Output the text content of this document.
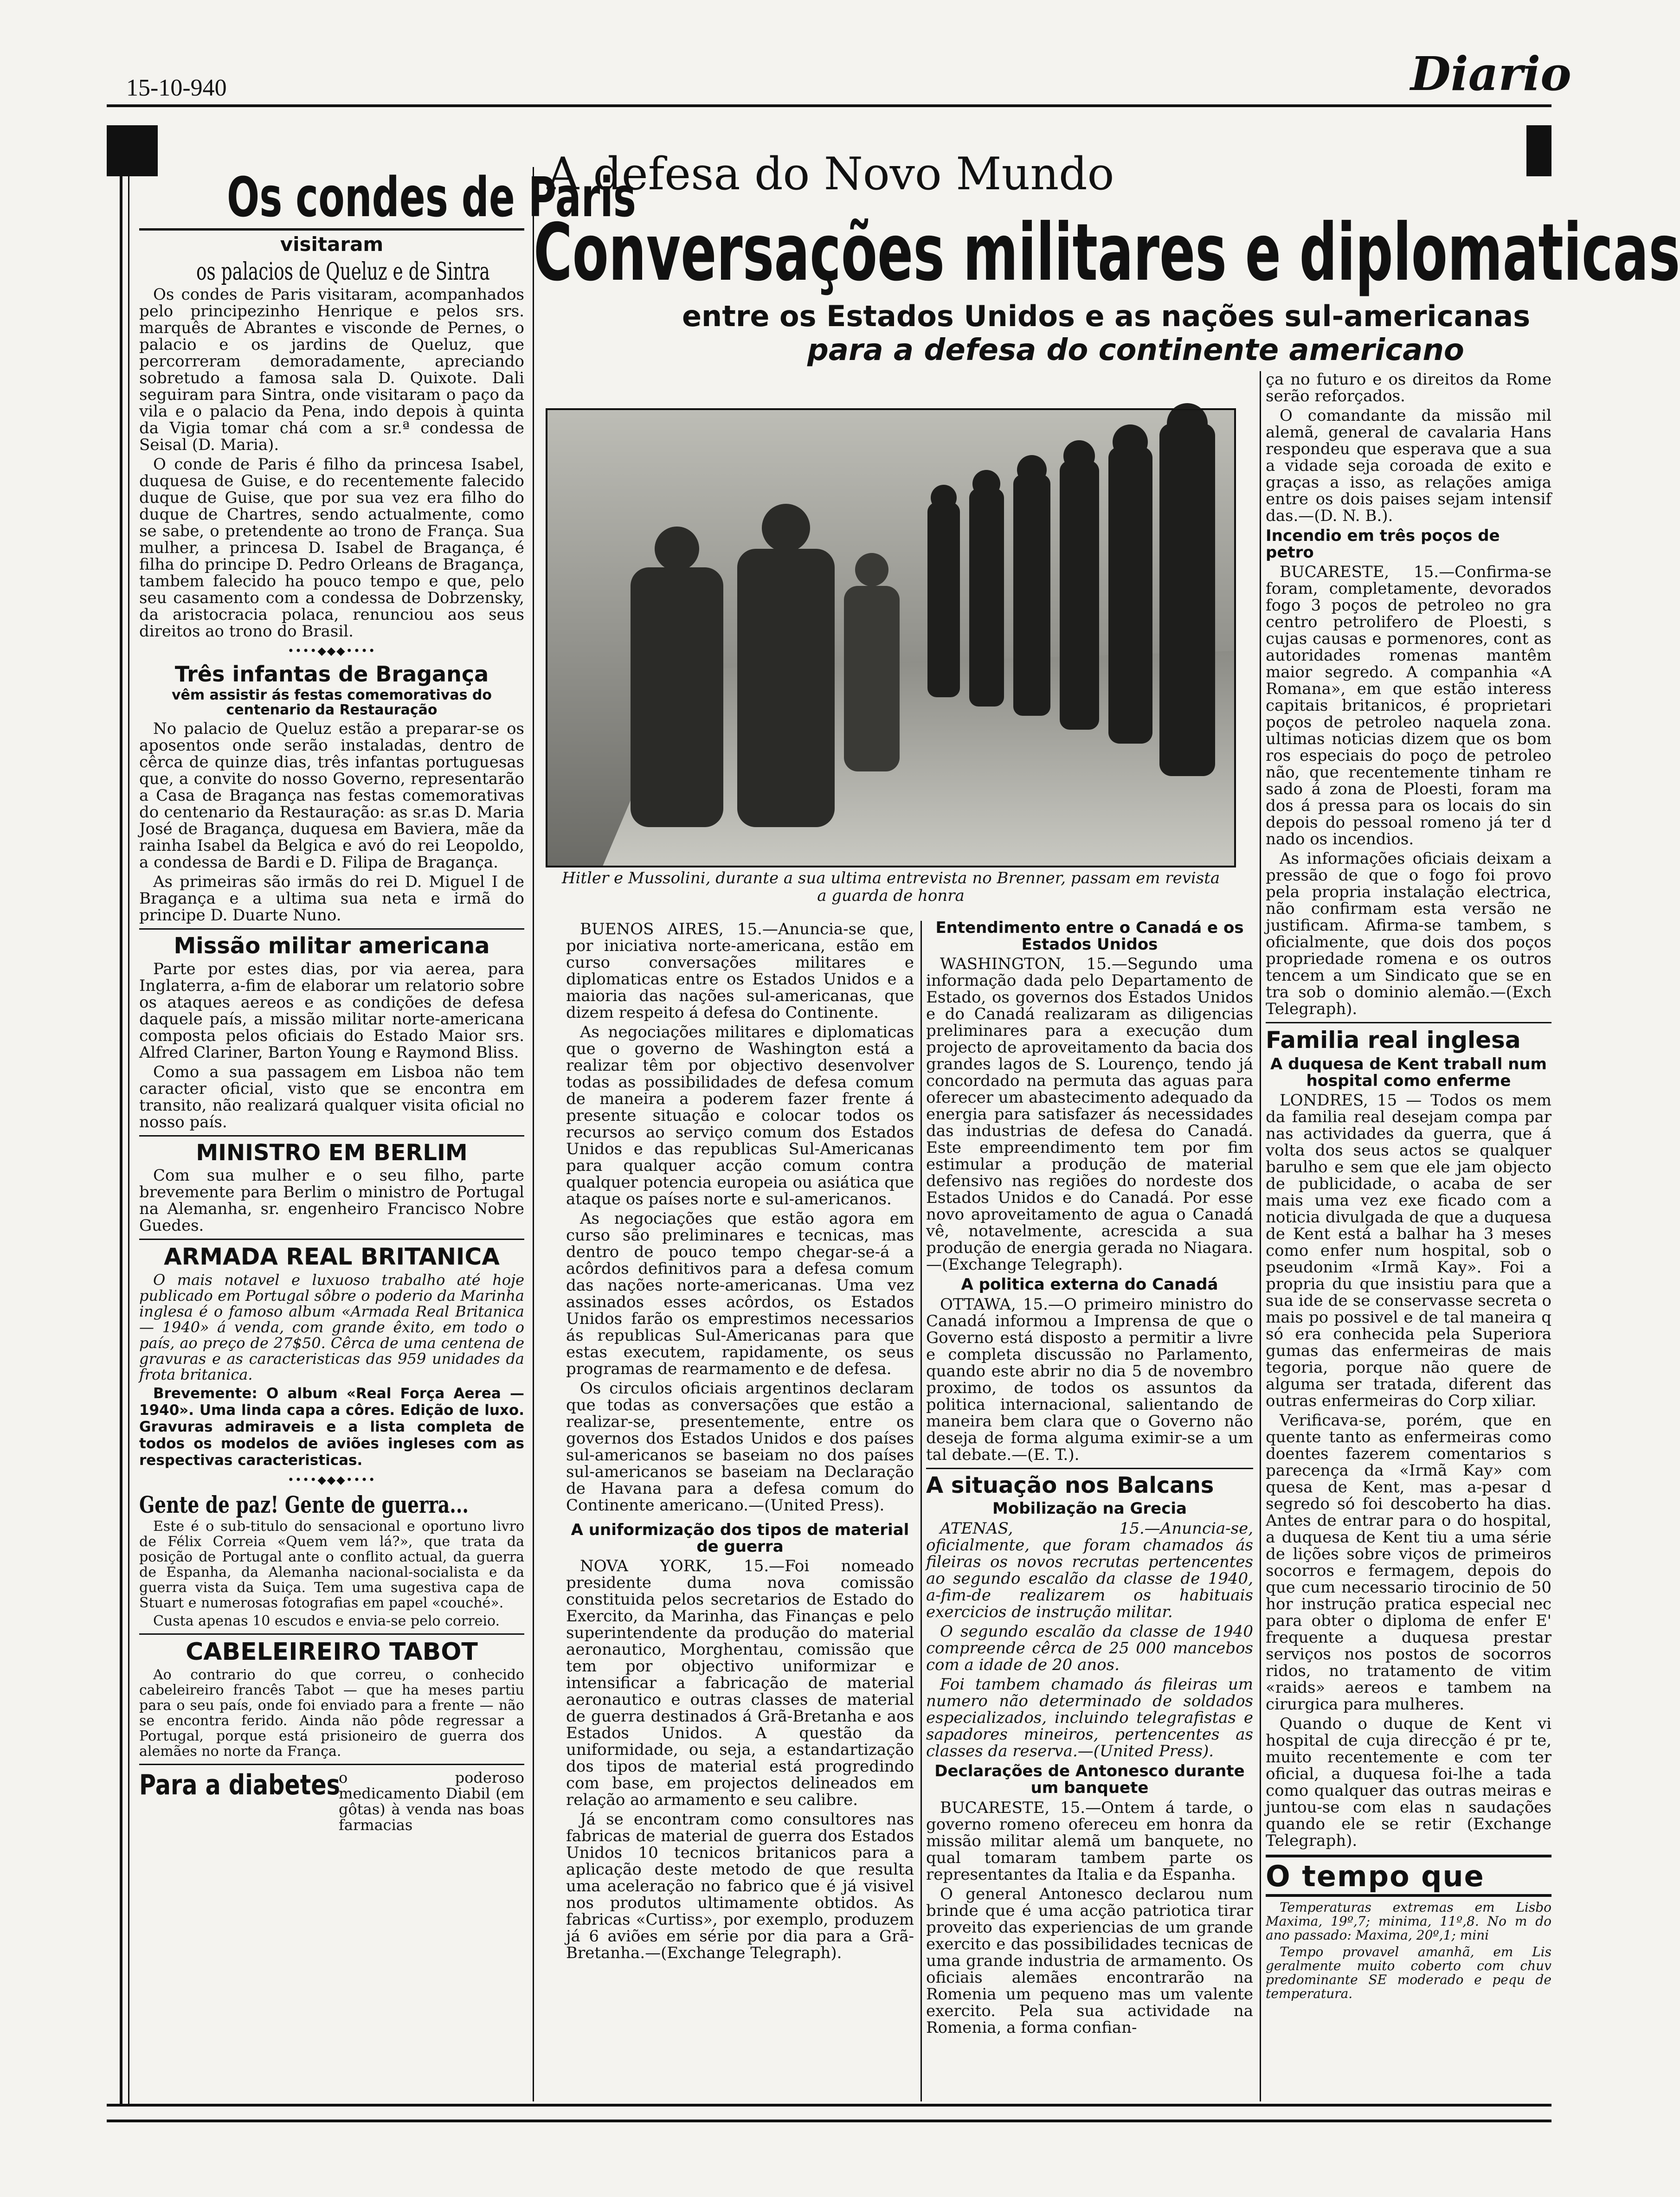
15-10-940	Diario
Os condes de Paris
visitaram
os palacios de Queluz e de Sintra

Os condes de Paris visitaram, acompanhados pelo principezinho Henrique e pelos srs. marquês de Abrantes e visconde de Pernes, o palacio e os jardins de Queluz, que percorreram demoradamente, apreciando sobretudo a famosa sala D. Quixote. Dali seguiram para Sintra, onde visitaram o paço da vila e o palacio da Pena, indo depois à quinta da Vigia tomar chá com a sr.ª condessa de Seisal (D. Maria).

O conde de Paris é filho da princesa Isabel, duquesa de Guise, e do recentemente falecido duque de Guise, que por sua vez era filho do duque de Chartres, sendo actualmente, como se sabe, o pretendente ao trono de França. Sua mulher, a princesa D. Isabel de Bragança, é filha do principe D. Pedro Orleans de Bragança, tambem falecido ha pouco tempo e que, pelo seu casamento com a condessa de Dobrzensky, da aristocracia polaca, renunciou aos seus direitos ao trono do Brasil.

••••◆◆◆••••
Três infantas de Bragança
vêm assistir ás festas comemorativas do centenario da Restauração

No palacio de Queluz estão a preparar-se os aposentos onde serão instaladas, dentro de cêrca de quinze dias, três infantas portuguesas que, a convite do nosso Governo, representarão a Casa de Bragança nas festas comemorativas do centenario da Restauração: as sr.as D. Maria José de Bragança, duquesa em Baviera, mãe da rainha Isabel da Belgica e avó do rei Leopoldo, a condessa de Bardi e D. Filipa de Bragança.

As primeiras são irmãs do rei D. Miguel I de Bragança e a ultima sua neta e irmã do principe D. Duarte Nuno.

Missão militar americana

Parte por estes dias, por via aerea, para Inglaterra, a-fim de elaborar um relatorio sobre os ataques aereos e as condições de defesa daquele país, a missão militar norte-americana composta pelos oficiais do Estado Maior srs. Alfred Clariner, Barton Young e Raymond Bliss.

Como a sua passagem em Lisboa não tem caracter oficial, visto que se encontra em transito, não realizará qualquer visita oficial no nosso país.

MINISTRO EM BERLIM

Com sua mulher e o seu filho, parte brevemente para Berlim o ministro de Portugal na Alemanha, sr. engenheiro Francisco Nobre Guedes.

ARMADA REAL BRITANICA

O mais notavel e luxuoso trabalho até hoje publicado em Portugal sôbre o poderio da Marinha inglesa é o famoso album «Armada Real Britanica — 1940» á venda, com grande êxito, em todo o país, ao preço de 27$50. Cêrca de uma centena de gravuras e as caracteristicas das 959 unidades da frota britanica.

Brevemente: O album «Real Força Aerea — 1940». Uma linda capa a côres. Edição de luxo. Gravuras admiraveis e a lista completa de todos os modelos de aviões ingleses com as respectivas caracteristicas.

••••◆◆◆••••
Gente de paz! Gente de guerra...

Este é o sub-titulo do sensacional e oportuno livro de Félix Correia «Quem vem lá?», que trata da posição de Portugal ante o conflito actual, da guerra de Espanha, da Alemanha nacional-socialista e da guerra vista da Suiça. Tem uma sugestiva capa de Stuart e numerosas fotografias em papel «couché».

Custa apenas 10 escudos e envia-se pelo correio.

CABELEIREIRO TABOT

Ao contrario do que correu, o conhecido cabeleireiro francês Tabot — que ha meses partiu para o seu país, onde foi enviado para a frente — não se encontra ferido. Ainda não pôde regressar a Portugal, porque está prisioneiro de guerra dos alemães no norte da França.

Para a diabetes
o poderoso medicamento Diabil (em gôtas) à venda nas boas farmacias
A defesa do Novo Mundo
Conversações militares e diplomaticas
entre os Estados Unidos e as nações sul-americanas
para a defesa do continente americano
Hitler e Mussolini, durante a sua ultima entrevista no Brenner, passam em revista a guarda de honra

BUENOS AIRES, 15.—Anuncia-se que, por iniciativa norte-americana, estão em curso conversações militares e diplomaticas entre os Estados Unidos e a maioria das nações sul-americanas, que dizem respeito á defesa do Continente.

As negociações militares e diplomaticas que o governo de Washington está a realizar têm por objectivo desenvolver todas as possibilidades de defesa comum de maneira a poderem fazer frente á presente situação e colocar todos os recursos ao serviço comum dos Estados Unidos e das republicas Sul-Americanas para qualquer acção comum contra qualquer potencia europeia ou asiática que ataque os países norte e sul-americanos.

As negociações que estão agora em curso são preliminares e tecnicas, mas dentro de pouco tempo chegar-se-á a acôrdos definitivos para a defesa comum das nações norte-americanas. Uma vez assinados esses acôrdos, os Estados Unidos farão os emprestimos necessarios ás republicas Sul-Americanas para que estas executem, rapidamente, os seus programas de rearmamento e de defesa.

Os circulos oficiais argentinos declaram que todas as conversações que estão a realizar-se, presentemente, entre os governos dos Estados Unidos e dos países sul-americanos se baseiam no dos países sul-americanos se baseiam na Declaração de Havana para a defesa comum do Continente americano.—(United Press).

A uniformização dos tipos de material de guerra

NOVA YORK, 15.—Foi nomeado presidente duma nova comissão constituida pelos secretarios de Estado do Exercito, da Marinha, das Finanças e pelo superintendente da produção do material aeronautico, Morghentau, comissão que tem por objectivo uniformizar e intensificar a fabricação de material aeronautico e outras classes de material de guerra destinados á Grã-Bretanha e aos Estados Unidos. A questão da uniformidade, ou seja, a estandartização dos tipos de material está progredindo com base, em projectos delineados em relação ao armamento e seu calibre.

Já se encontram como consultores nas fabricas de material de guerra dos Estados Unidos 10 tecnicos britanicos para a aplicação deste metodo de que resulta uma aceleração no fabrico que é já visivel nos produtos ultimamente obtidos. As fabricas «Curtiss», por exemplo, produzem já 6 aviões em série por dia para a Grã-Bretanha.—(Exchange Telegraph).

Entendimento entre o Canadá e os Estados Unidos

WASHINGTON, 15.—Segundo uma informação dada pelo Departamento de Estado, os governos dos Estados Unidos e do Canadá realizaram as diligencias preliminares para a execução dum projecto de aproveitamento da bacia dos grandes lagos de S. Lourenço, tendo já concordado na permuta das aguas para oferecer um abastecimento adequado da energia para satisfazer ás necessidades das industrias de defesa do Canadá. Este empreendimento tem por fim estimular a produção de material defensivo nas regiões do nordeste dos Estados Unidos e do Canadá. Por esse novo aproveitamento de agua o Canadá vê, notavelmente, acrescida a sua produção de energia gerada no Niagara.—(Exchange Telegraph).

A politica externa do Canadá

OTTAWA, 15.—O primeiro ministro do Canadá informou a Imprensa de que o Governo está disposto a permitir a livre e completa discussão no Parlamento, quando este abrir no dia 5 de novembro proximo, de todos os assuntos da politica internacional, salientando de maneira bem clara que o Governo não deseja de forma alguma eximir-se a um tal debate.—(E. T.).

A situação nos Balcans
Mobilização na Grecia

ATENAS, 15.—Anuncia-se, oficialmente, que foram chamados ás fileiras os novos recrutas pertencentes ao segundo escalão da classe de 1940, a-fim-de realizarem os habituais exercicios de instrução militar.

O segundo escalão da classe de 1940 compreende cêrca de 25 000 mancebos com a idade de 20 anos.

Foi tambem chamado ás fileiras um numero não determinado de soldados especializados, incluindo telegrafistas e sapadores mineiros, pertencentes as classes da reserva.—(United Press).

Declarações de Antonesco durante um banquete

BUCARESTE, 15.—Ontem á tarde, o governo romeno ofereceu em honra da missão militar alemã um banquete, no qual tomaram tambem parte os representantes da Italia e da Espanha.

O general Antonesco declarou num brinde que é uma acção patriotica tirar proveito das experiencias de um grande exercito e das possibilidades tecnicas de uma grande industria de armamento. Os oficiais alemães encontrarão na Romenia um pequeno mas um valente exercito. Pela sua actividade na Romenia, a forma confian-

ça no futuro e os direitos da Rome serão reforçados.

O comandante da missão mil alemã, general de cavalaria Hans respondeu que esperava que a sua a vidade seja coroada de exito e graças a isso, as relações amiga entre os dois paises sejam intensif das.—(D. N. B.).

Incendio em três poços de petro

BUCARESTE, 15.—Confirma-se foram, completamente, devorados fogo 3 poços de petroleo no gra centro petrolifero de Ploesti, s cujas causas e pormenores, cont as autoridades romenas mantêm maior segredo. A companhia «A Romana», em que estão interess capitais britanicos, é proprietari poços de petroleo naquela zona. ultimas noticias dizem que os bom ros especiais do poço de petroleo não, que recentemente tinham re sado á zona de Ploesti, foram ma dos á pressa para os locais do sin depois do pessoal romeno já ter d nado os incendios.

As informações oficiais deixam a pressão de que o fogo foi provo pela propria instalação electrica, não confirmam esta versão ne justificam. Afirma-se tambem, s oficialmente, que dois dos poços propriedade romena e os outros tencem a um Sindicato que se en tra sob o dominio alemão.—(Exch Telegraph).

Familia real inglesa
A duquesa de Kent traball num hospital como enferme

LONDRES, 15 — Todos os mem da familia real desejam compa par nas actividades da guerra, que á volta dos seus actos se qualquer barulho e sem que ele jam objecto de publicidade, o acaba de ser mais uma vez exe ficado com a noticia divulgada de que a duquesa de Kent está a balhar ha 3 meses como enfer num hospital, sob o pseudonim «Irmã Kay». Foi a propria du que insistiu para que a sua ide de se conservasse secreta o mais po possivel e de tal maneira q só era conhecida pela Superiora gumas das enfermeiras de mais tegoria, porque não quere de alguma ser tratada, diferent das outras enfermeiras do Corp xiliar.

Verificava-se, porém, que en quente tanto as enfermeiras como doentes fazerem comentarios s parecença da «Irmã Kay» com quesa de Kent, mas a-pesar d segredo só foi descoberto ha dias. Antes de entrar para o do hospital, a duquesa de Kent tiu a uma série de lições sobre viços de primeiros socorros e fermagem, depois do que cum necessario tirocinio de 50 hor instrução pratica especial nec para obter o diploma de enfer E' frequente a duquesa prestar serviços nos postos de socorros ridos, no tratamento de vitim «raids» aereos e tambem na cirurgica para mulheres.

Quando o duque de Kent vi hospital de cuja direcção é pr te, muito recentemente e com ter oficial, a duquesa foi-lhe a tada como qualquer das outras meiras e juntou-se com elas n saudações quando ele se retir (Exchange Telegraph).

O tempo que

Temperaturas extremas em Lisbo Maxima, 19º,7; minima, 11º,8. No m do ano passado: Maxima, 20º,1; mini

Tempo provavel amanhã, em Lis geralmente muito coberto com chuv predominante SE moderado e pequ de temperatura.
